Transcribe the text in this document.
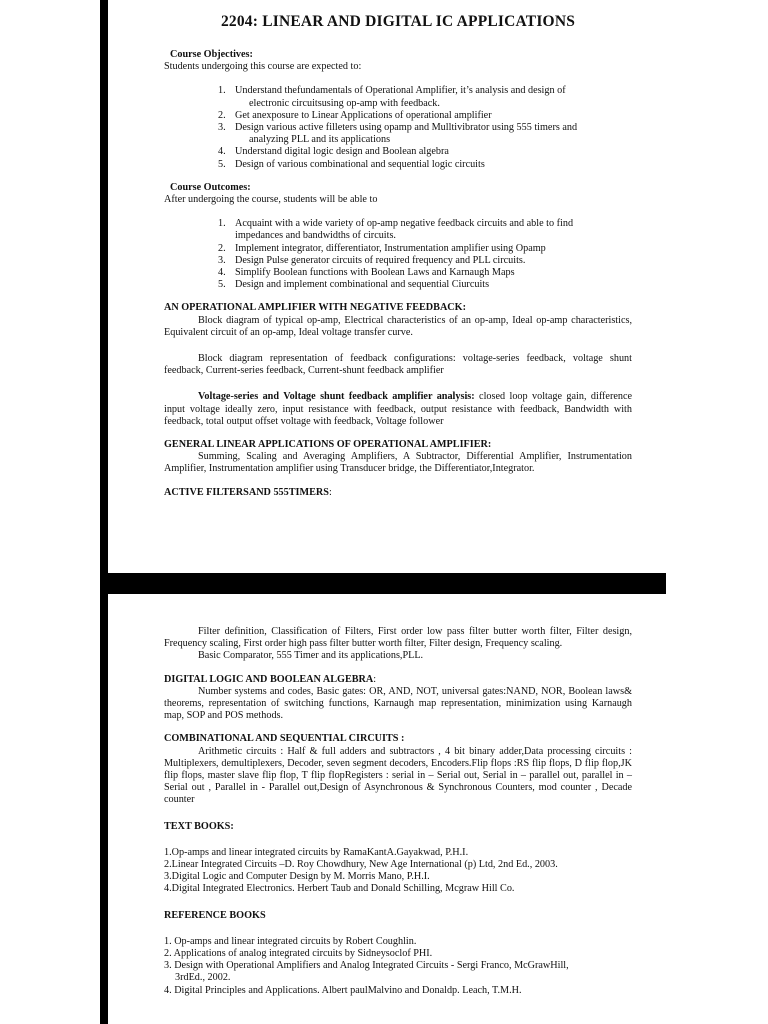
2204: LINEAR AND DIGITAL IC APPLICATIONS

Course Objectives:

Students undergoing this course are expected to:

1. Understand thefundamentals of Operational Amplifier, it’s analysis and design of
electronic circuitsusing op-amp with feedback.
2. Get anexposure to Linear Applications of operational amplifier
3. Design various active filleters using opamp and Mulltivibrator using 555 timers and
analyzing PLL and its applications
4. Understand digital logic design and Boolean algebra
5. Design of various combinational and sequential logic circuits

Course Outcomes:

After undergoing the course, students will be able to

1. Acquaint with a wide variety of op-amp negative feedback circuits and able to find
impedances and bandwidths of circuits.
2. Implement integrator, differentiator, Instrumentation amplifier using Opamp
3. Design Pulse generator circuits of required frequency and PLL circuits.
4. Simplify Boolean functions with Boolean Laws and Karnaugh Maps
5. Design and implement combinational and sequential Ciurcuits

AN OPERATIONAL AMPLIFIER WITH NEGATIVE FEEDBACK:

Block diagram of typical op-amp, Electrical characteristics of an op-amp, Ideal op-amp characteristics, Equivalent circuit of an op-amp, Ideal voltage transfer curve.

Block diagram representation of feedback configurations: voltage-series feedback, voltage shunt feedback, Current-series feedback, Current-shunt feedback amplifier

Voltage-series and Voltage shunt feedback amplifier analysis: closed loop voltage gain, difference input voltage ideally zero, input resistance with feedback, output resistance with feedback, Bandwidth with feedback, total output offset voltage with feedback, Voltage follower

GENERAL LINEAR APPLICATIONS OF OPERATIONAL AMPLIFIER:

Summing, Scaling and Averaging Amplifiers, A Subtractor, Differential Amplifier, Instrumentation Amplifier, Instrumentation amplifier using Transducer bridge, the Differentiator,Integrator.

ACTIVE FILTERSAND 555TIMERS:

Filter definition, Classification of Filters, First order low pass filter butter worth filter, Filter design, Frequency scaling, First order high pass filter butter worth filter, Filter design, Frequency scaling.

Basic Comparator, 555 Timer and its applications,PLL.

DIGITAL LOGIC AND BOOLEAN ALGEBRA:

Number systems and codes, Basic gates: OR, AND, NOT, universal gates:NAND, NOR, Boolean laws& theorems, representation of switching functions, Karnaugh map representation, minimization using Karnaugh map, SOP and POS methods.

COMBINATIONAL AND SEQUENTIAL CIRCUITS :

Arithmetic circuits : Half & full adders and subtractors , 4 bit binary adder,Data processing circuits : Multiplexers, demultiplexers, Decoder, seven segment decoders, Encoders.Flip flops :RS flip flops, D flip flop,JK flip flops, master slave flip flop, T flip flopRegisters : serial in – Serial out, Serial in – parallel out, parallel in – Serial out , Parallel in - Parallel out,Design of Asynchronous & Synchronous Counters, mod counter , Decade counter

TEXT BOOKS:

1.Op-amps and linear integrated circuits by RamaKantA.Gayakwad, P.H.I.

2.Linear Integrated Circuits –D. Roy Chowdhury, New Age International (p) Ltd, 2nd Ed., 2003.

3.Digital Logic and Computer Design by M. Morris Mano, P.H.I.

4.Digital Integrated Electronics. Herbert Taub and Donald Schilling, Mcgraw Hill Co.

REFERENCE BOOKS

1. Op-amps and linear integrated circuits by Robert Coughlin.

2. Applications of analog integrated circuits by Sidneysoclof PHI.

3. Design with Operational Amplifiers and Analog Integrated Circuits - Sergi Franco, McGrawHill,
3rdEd., 2002.

4. Digital Principles and Applications. Albert paulMalvino and Donaldp. Leach, T.M.H.
